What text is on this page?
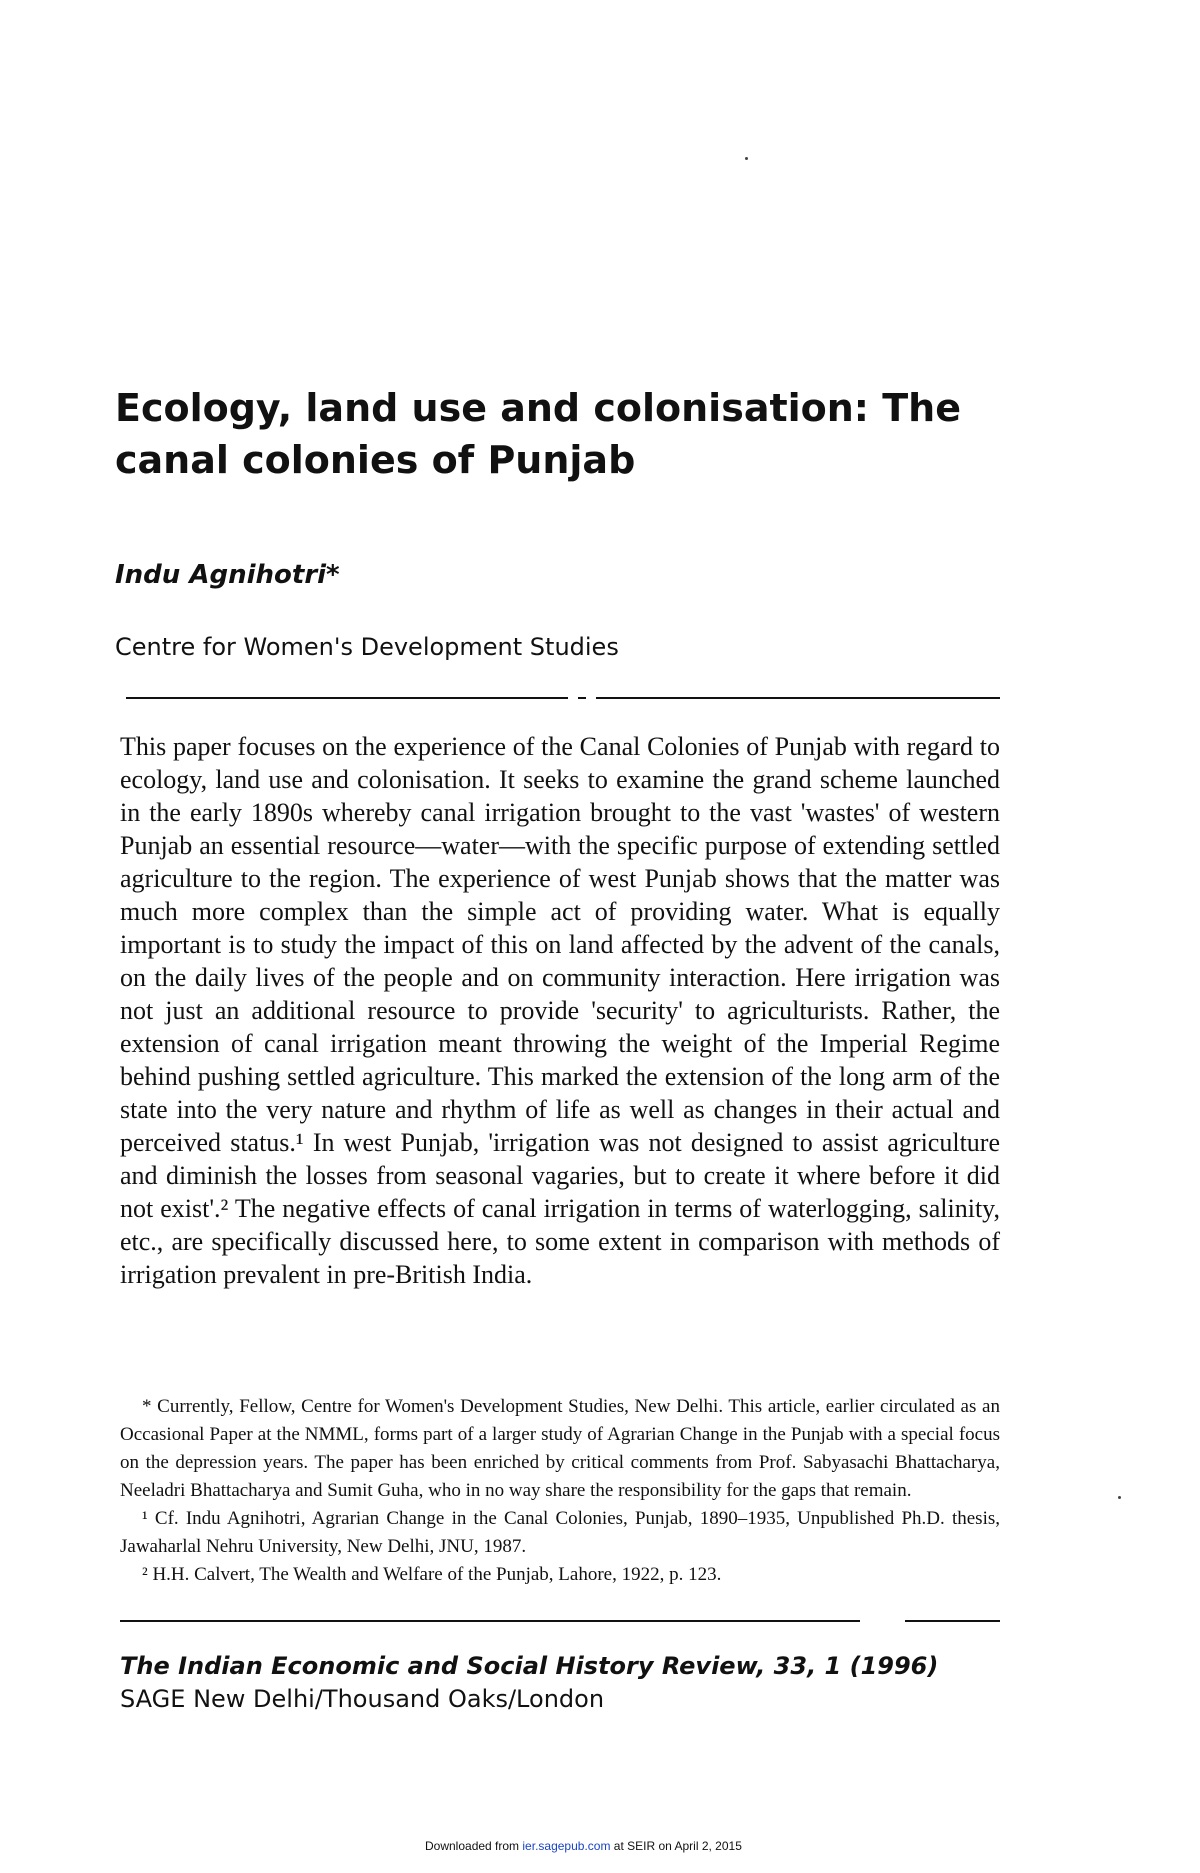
Ecology, land use and colonisation: The canal colonies of Punjab
Indu Agnihotri*
Centre for Women's Development Studies

This paper focuses on the experience of the Canal Colonies of Punjab with regard to ecology, land use and colonisation. It seeks to examine the grand scheme launched in the early 1890s whereby canal irrigation brought to the vast 'wastes' of western Punjab an essential resource—water—with the specific purpose of extending settled agriculture to the region. The experience of west Punjab shows that the matter was much more complex than the simple act of providing water. What is equally important is to study the impact of this on land affected by the advent of the canals, on the daily lives of the people and on community interaction. Here irrigation was not just an additional resource to provide 'security' to agriculturists. Rather, the extension of canal irrigation meant throwing the weight of the Imperial Regime behind pushing settled agriculture. This marked the extension of the long arm of the state into the very nature and rhythm of life as well as changes in their actual and perceived status.¹ In west Punjab, 'irrigation was not designed to assist agriculture and diminish the losses from seasonal vagaries, but to create it where before it did not exist'.² The negative effects of canal irrigation in terms of waterlogging, salinity, etc., are specifically discussed here, to some extent in comparison with methods of irrigation prevalent in pre-British India.

* Currently, Fellow, Centre for Women's Development Studies, New Delhi. This article, earlier circulated as an Occasional Paper at the NMML, forms part of a larger study of Agrarian Change in the Punjab with a special focus on the depression years. The paper has been enriched by critical comments from Prof. Sabyasachi Bhattacharya, Neeladri Bhattacharya and Sumit Guha, who in no way share the responsibility for the gaps that remain.

¹ Cf. Indu Agnihotri, Agrarian Change in the Canal Colonies, Punjab, 1890–1935, Unpublished Ph.D. thesis, Jawaharlal Nehru University, New Delhi, JNU, 1987.

² H.H. Calvert, The Wealth and Welfare of the Punjab, Lahore, 1922, p. 123.

The Indian Economic and Social History Review, 33, 1 (1996)
SAGE New Delhi/Thousand Oaks/London
Downloaded from ier.sagepub.com at SEIR on April 2, 2015
